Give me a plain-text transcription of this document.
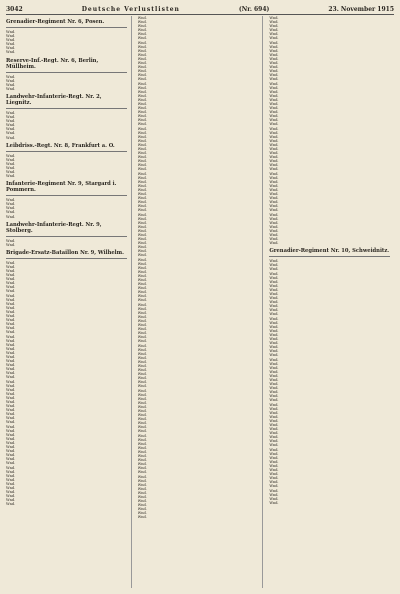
3042	Deutsche Verlustlisten	(Nr. 694)	23. November 1915
Grenadier-Regiment Nr. 6, Posen.
Wnd.
Wnd.
Wnd.
Wnd.
Wnd.
Wnd.
Reserve-Inf.-Regt. Nr. 6, Berlin, Müllheim.
Wnd.
Wnd.
Wnd.
Wnd.
Landwehr-Infanterie-Regt. Nr. 2, Liegnitz.
Wnd.
Wnd.
Wnd.
Wnd.
Wnd.
Wnd.
Wnd.
Leibdriss.-Regt. Nr. 8, Frankfurt a. O.
Wnd.
Wnd.
Wnd.
Wnd.
Wnd.
Wnd.
Infanterie-Regiment Nr. 9, Stargard i. Pommern.
Wnd.
Wnd.
Wnd.
Wnd.
Wnd.
Landwehr-Infanterie-Regt. Nr. 9, Stolberg.
Wnd.
Wnd.
Brigade-Ersatz-Bataillon Nr. 9, Wilhelm.
Wnd.
Wnd.
Wnd.
Wnd.
Wnd.
Wnd.
Wnd.
Wnd.
Wnd.
Wnd.
Wnd.
Wnd.
Wnd.
Wnd.
Wnd.
Wnd.
Wnd.
Wnd.
Wnd.
Wnd.
Wnd.
Wnd.
Wnd.
Wnd.
Wnd.
Wnd.
Wnd.
Wnd.
Wnd.
Wnd.
Wnd.
Wnd.
Wnd.
Wnd.
Wnd.
Wnd.
Wnd.
Wnd.
Wnd.
Wnd.
Wnd.
Wnd.
Wnd.
Wnd.
Wnd.
Wnd.
Wnd.
Wnd.
Wnd.
Wnd.
Wnd.
Wnd.
Wnd.
Wnd.
Wnd.
Wnd.
Wnd.
Wnd.
Wnd.
Wnd.
Wnd.
Wnd.
Wnd.
Wnd.
Wnd.
Wnd.
Wnd.
Wnd.
Wnd.
Wnd.
Wnd.
Wnd.
Wnd.
Wnd.
Wnd.
Wnd.
Wnd.
Wnd.
Wnd.
Wnd.
Wnd.
Wnd.
Wnd.
Wnd.
Wnd.
Wnd.
Wnd.
Wnd.
Wnd.
Wnd.
Wnd.
Wnd.
Wnd.
Wnd.
Wnd.
Wnd.
Wnd.
Wnd.
Wnd.
Wnd.
Wnd.
Wnd.
Wnd.
Wnd.
Wnd.
Wnd.
Wnd.
Wnd.
Wnd.
Wnd.
Wnd.
Wnd.
Wnd.
Wnd.
Wnd.
Wnd.
Wnd.
Wnd.
Wnd.
Wnd.
Wnd.
Wnd.
Wnd.
Wnd.
Wnd.
Wnd.
Wnd.
Wnd.
Wnd.
Wnd.
Wnd.
Wnd.
Wnd.
Wnd.
Wnd.
Wnd.
Wnd.
Wnd.
Wnd.
Wnd.
Wnd.
Wnd.
Wnd.
Wnd.
Wnd.
Wnd.
Wnd.
Wnd.
Wnd.
Wnd.
Wnd.
Wnd.
Wnd.
Wnd.
Wnd.
Wnd.
Wnd.
Wnd.
Wnd.
Wnd.
Wnd.
Wnd.
Wnd.
Wnd.
Wnd.
Wnd.
Wnd.
Wnd.
Wnd.
Wnd.
Wnd.
Wnd.
Wnd.
Wnd.
Wnd.
Wnd.
Wnd.
Wnd.
Wnd.
Wnd.
Wnd.
Wnd.
Wnd.
Wnd.
Wnd.
Wnd.
Wnd.
Wnd.
Wnd.
Wnd.
Wnd.
Wnd.
Wnd.
Wnd.
Wnd.
Wnd.
Wnd.
Wnd.
Wnd.
Wnd.
Wnd.
Wnd.
Wnd.
Wnd.
Wnd.
Wnd.
Wnd.
Wnd.
Wnd.
Wnd.
Wnd.
Wnd.
Wnd.
Wnd.
Wnd.
Wnd.
Wnd.
Wnd.
Wnd.
Wnd.
Wnd.
Wnd.
Wnd.
Wnd.
Wnd.
Wnd.
Wnd.
Wnd.
Wnd.
Wnd.
Wnd.
Wnd.
Wnd.
Wnd.
Wnd.
Wnd.
Wnd.
Wnd.
Wnd.
Grenadier-Regiment Nr. 10, Schweidnitz.
Wnd.
Wnd.
Wnd.
Wnd.
Wnd.
Wnd.
Wnd.
Wnd.
Wnd.
Wnd.
Wnd.
Wnd.
Wnd.
Wnd.
Wnd.
Wnd.
Wnd.
Wnd.
Wnd.
Wnd.
Wnd.
Wnd.
Wnd.
Wnd.
Wnd.
Wnd.
Wnd.
Wnd.
Wnd.
Wnd.
Wnd.
Wnd.
Wnd.
Wnd.
Wnd.
Wnd.
Wnd.
Wnd.
Wnd.
Wnd.
Wnd.
Wnd.
Wnd.
Wnd.
Wnd.
Wnd.
Wnd.
Wnd.
Wnd.
Wnd.
Wnd.
Wnd.
Wnd.
Wnd.
Wnd.
Wnd.
Wnd.
Wnd.
Wnd.
Wnd.
